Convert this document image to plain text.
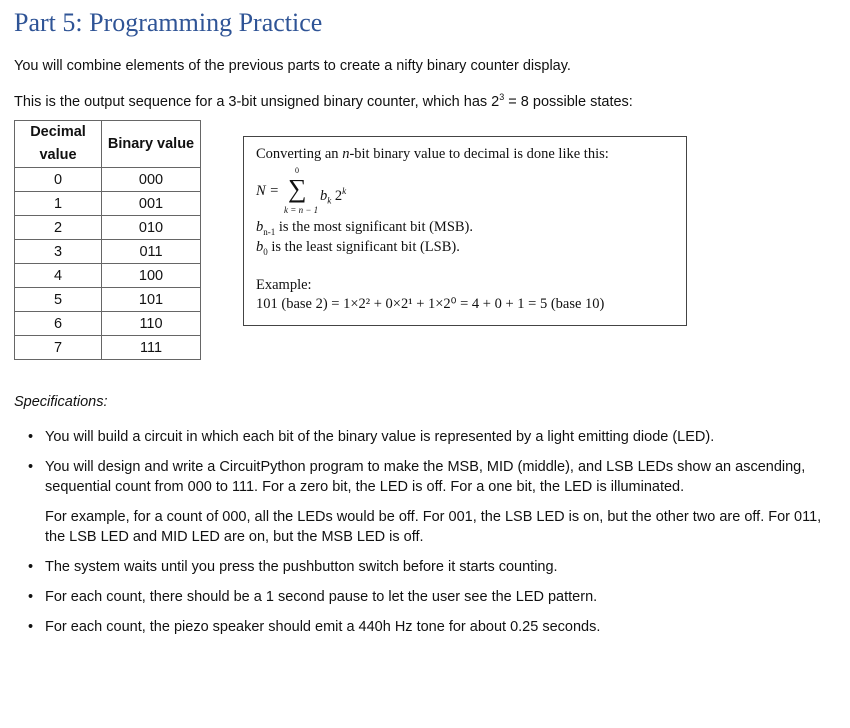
Part 5: Programming Practice
You will combine elements of the previous parts to create a nifty binary counter display.
This is the output sequence for a 3-bit unsigned binary counter, which has $2^3 = 8$ possible states:
Decimal value	Binary value
0	000
1	001
2	010
3	011
4	100
5	101
6	110
7	111
Converting an n-bit binary value to decimal is done like this:
N =
0
∑
k = n − 1
$b_k$ 2$^k$
$b_{n-1}$ is the most significant bit (MSB).
$b_0$ is the least significant bit (LSB).
Example:
101 (base 2) = 1×2² + 0×2¹ + 1×2⁰ = 4 + 0 + 1 = 5 (base 10)
Specifications:
• You will build a circuit in which each bit of the binary value is represented by a light emitting diode (LED).
• You will design and write a CircuitPython program to make the MSB, MID (middle), and LSB LEDs show an ascending, sequential count from 000 to 111. For a zero bit, the LED is off. For a one bit, the LED is illuminated.
For example, for a count of 000, all the LEDs would be off. For 001, the LSB LED is on, but the other two are off. For 011, the LSB LED and MID LED are on, but the MSB LED is off.
• The system waits until you press the pushbutton switch before it starts counting.
• For each count, there should be a 1 second pause to let the user see the LED pattern.
• For each count, the piezo speaker should emit a 440h Hz tone for about 0.25 seconds.
